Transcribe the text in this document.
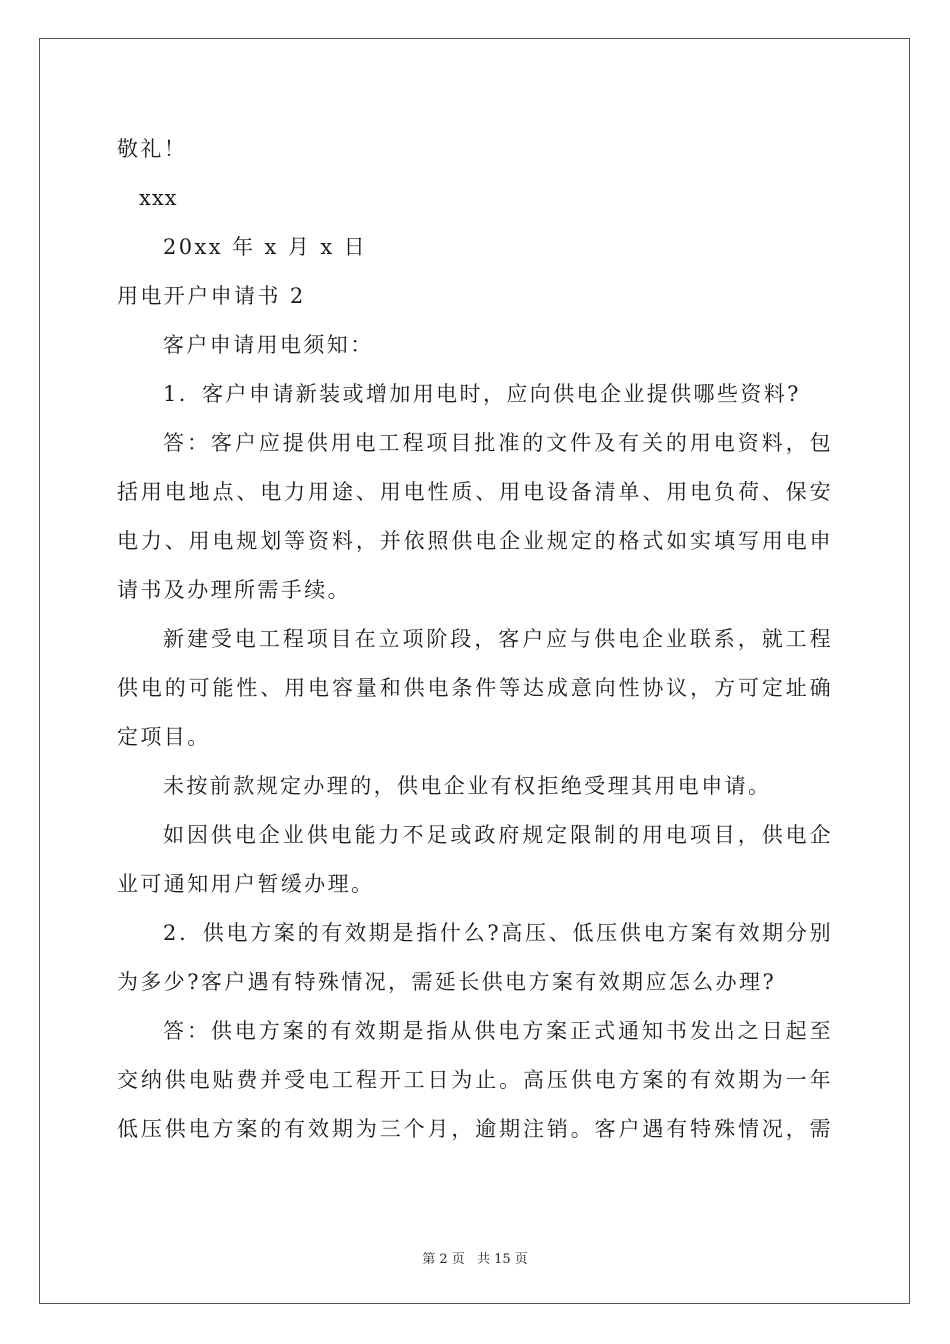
敬礼！
xxx
20xx 年 x 月 x 日
用电开户申请书 2
客户申请用电须知：
1．客户申请新装或增加用电时，应向供电企业提供哪些资料?
答：客户应提供用电工程项目批准的文件及有关的用电资料，包
括用电地点、电力用途、用电性质、用电设备清单、用电负荷、保安
电力、用电规划等资料，并依照供电企业规定的格式如实填写用电申
请书及办理所需手续。
新建受电工程项目在立项阶段，客户应与供电企业联系，就工程
供电的可能性、用电容量和供电条件等达成意向性协议，方可定址确
定项目。
未按前款规定办理的，供电企业有权拒绝受理其用电申请。
如因供电企业供电能力不足或政府规定限制的用电项目，供电企
业可通知用户暂缓办理。
2．供电方案的有效期是指什么?高压、低压供电方案有效期分别
为多少?客户遇有特殊情况，需延长供电方案有效期应怎么办理?
答：供电方案的有效期是指从供电方案正式通知书发出之日起至
交纳供电贴费并受电工程开工日为止。高压供电方案的有效期为一年
低压供电方案的有效期为三个月，逾期注销。客户遇有特殊情况，需
第 2 页 共 15 页
